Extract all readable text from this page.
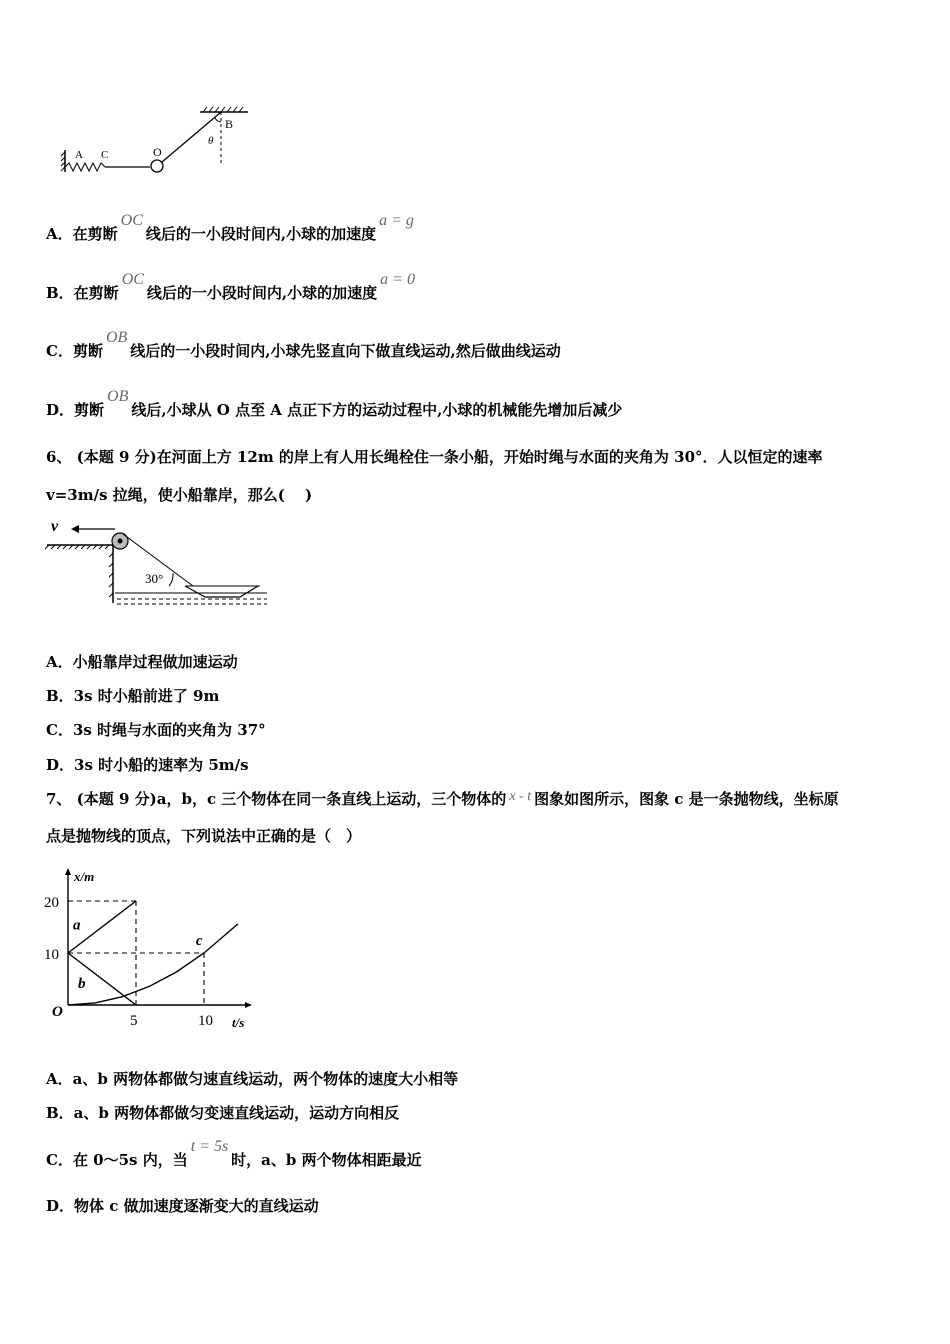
A C	O
B
θ
A．在剪断OC线后的一小段时间内,小球的加速度a = g
B．在剪断OC线后的一小段时间内,小球的加速度a = 0
C．剪断OB线后的一小段时间内,小球先竖直向下做直线运动,然后做曲线运动
D．剪断OB线后,小球从 O 点至 A 点正下方的运动过程中,小球的机械能先增加后减少
6、 (本题 9 分)在河面上方 12m 的岸上有人用长绳栓住一条小船，开始时绳与水面的夹角为 30°．人以恒定的速率
v=3m/s 拉绳，使小船靠岸，那么(　 )
v
30°
A．小船靠岸过程做加速运动
B．3s 时小船前进了 9m
C．3s 时绳与水面的夹角为 37°
D．3s 时小船的速率为 5m/s
7、 (本题 9 分)a，b，c 三个物体在同一条直线上运动，三个物体的 x - t 图象如图所示，图象 c 是一条抛物线，坐标原
点是抛物线的顶点，下列说法中正确的是（　）
x/m
t/s
O
10
20
5	10
a
b
c
A．a、b 两物体都做匀速直线运动，两个物体的速度大小相等
B．a、b 两物体都做匀变速直线运动，运动方向相反
C．在 0～5s 内，当t = 5s时，a、b 两个物体相距最近
D．物体 c 做加速度逐渐变大的直线运动
